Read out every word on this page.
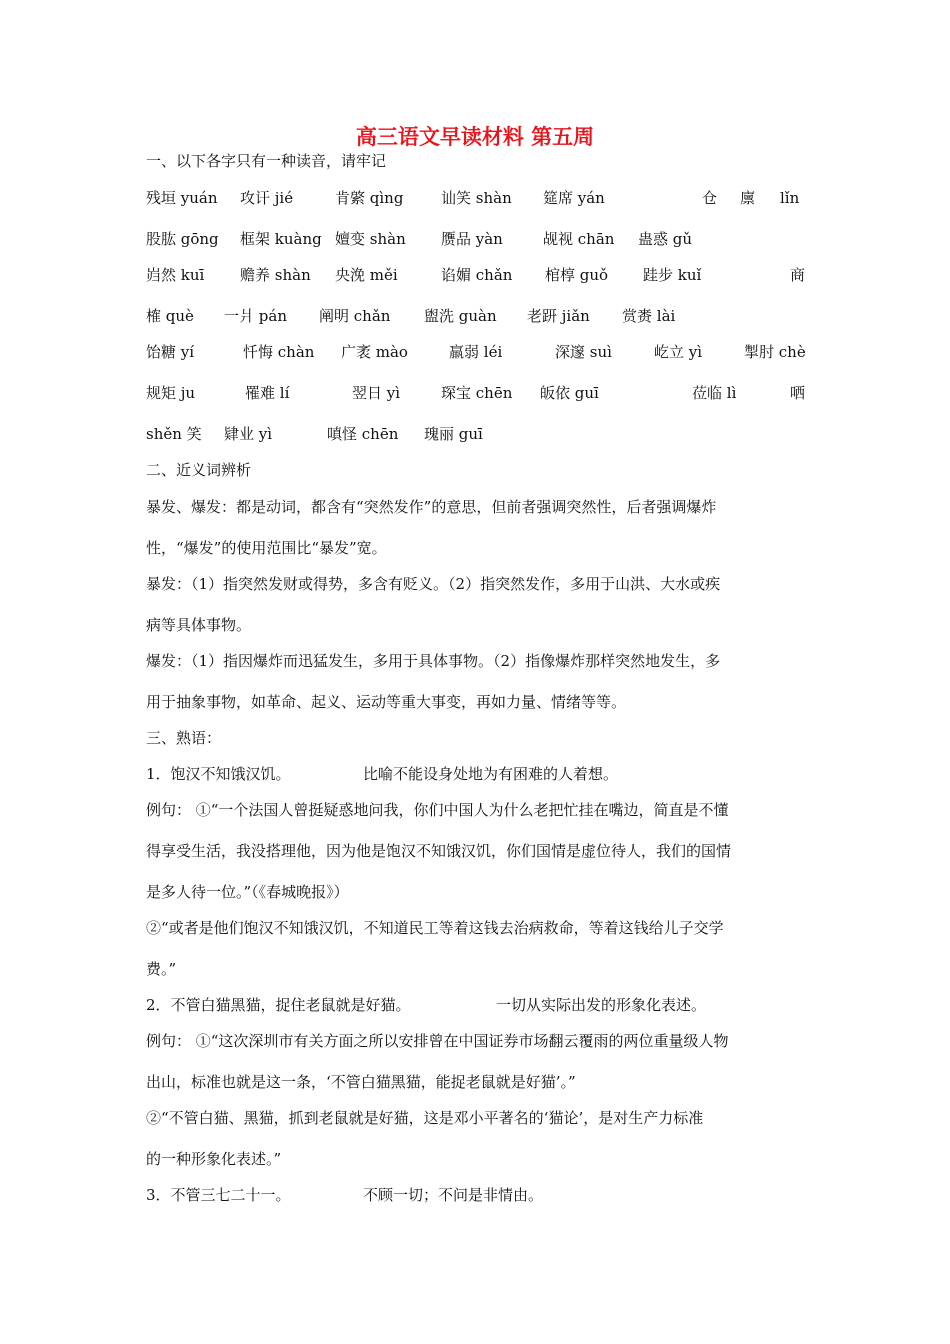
高三语文早读材料 第五周
一、以下各字只有一种读音，请牢记
残垣 yuán 攻讦 jié	肯綮 qìng	讪笑 shàn 筵席 yán	仓 廪 lǐn
股肱 gōng 框架 kuàng 嬗变 shàn 赝品 yàn	觇视 chān 蛊惑 gǔ
岿然 kuī 赡养 shàn 央浼 měi	谄媚 chǎn 棺椁 guǒ 跬步 kuǐ	商
榷 què 一爿 pán 阐明 chǎn 盥洗 guàn 老趼 jiǎn 赏赉 lài
饴糖 yí	忏悔 chàn 广袤 mào	羸弱 léi	深邃 suì	屹立 yì	掣肘 chè
规矩 ju	罹难 lí	翌日 yì	琛宝 chēn 皈依 guī	莅临 lì	哂
shěn 笑 肄业 yì	嗔怪 chēn 瑰丽 guī
二、近义词辨析
暴发、爆发：都是动词，都含有“突然发作”的意思，但前者强调突然性，后者强调爆炸
性，“爆发”的使用范围比“暴发”宽。
暴发：（1）指突然发财或得势，多含有贬义。（2）指突然发作，多用于山洪、大水或疾
病等具体事物。
爆发：（1）指因爆炸而迅猛发生，多用于具体事物。（2）指像爆炸那样突然地发生，多
用于抽象事物，如革命、起义、运动等重大事变，再如力量、情绪等等。
三、熟语：
1．饱汉不知饿汉饥。	比喻不能设身处地为有困难的人着想。
例句： ①“一个法国人曾挺疑惑地问我，你们中国人为什么老把忙挂在嘴边，简直是不懂
得享受生活，我没搭理他，因为他是饱汉不知饿汉饥，你们国情是虚位待人，我们的国情
是多人待一位。”（《春城晚报》）
②“或者是他们饱汉不知饿汉饥，不知道民工等着这钱去治病救命，等着这钱给儿子交学
费。”
2．不管白猫黑猫，捉住老鼠就是好猫。	一切从实际出发的形象化表述。
例句： ①“这次深圳市有关方面之所以安排曾在中国证券市场翻云覆雨的两位重量级人物
出山，标准也就是这一条，‘不管白猫黑猫，能捉老鼠就是好猫’。”
②“不管白猫、黑猫，抓到老鼠就是好猫，这是邓小平著名的‘猫论’，是对生产力标准
的一种形象化表述。”
3．不管三七二十一。	不顾一切；不问是非情由。
